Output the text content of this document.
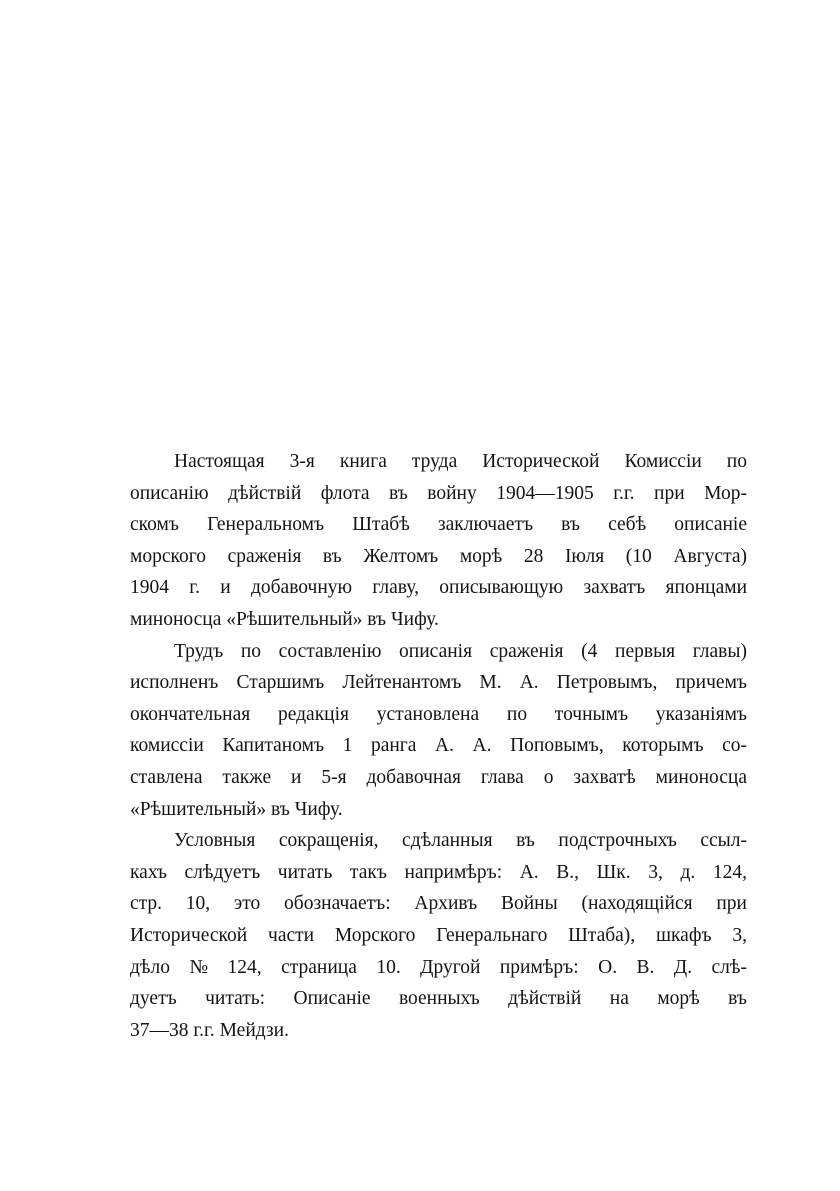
Настоящая 3-я книга труда Исторической Комиссіи по
описанію дѣйствій флота въ войну 1904—1905 г.г. при Мор-
скомъ Генеральномъ Штабѣ заключаетъ въ себѣ описаніе
морского сраженія въ Желтомъ морѣ 28 Іюля (10 Августа)
1904 г. и добавочную главу, описывающую захватъ японцами
миноносца «Рѣшительный» въ Чифу.
Трудъ по составленію описанія сраженія (4 первыя главы)
исполненъ Старшимъ Лейтенантомъ М. А. Петровымъ, причемъ
окончательная редакція установлена по точнымъ указаніямъ
комиссіи Капитаномъ 1 ранга А. А. Поповымъ, которымъ со-
ставлена также и 5-я добавочная глава о захватѣ миноносца
«Рѣшительный» въ Чифу.
Условныя сокращенія, сдѣланныя въ подстрочныхъ ссыл-
кахъ слѣдуетъ читать такъ напримѣръ: А. В., Шк. 3, д. 124,
стр. 10, это обозначаетъ: Архивъ Войны (находящійся при
Исторической части Морского Генеральнаго Штаба), шкафъ 3,
дѣло № 124, страница 10. Другой примѣръ: О. В. Д. слѣ-
дуетъ читать: Описаніе военныхъ дѣйствій на морѣ въ
37—38 г.г. Мейдзи.
